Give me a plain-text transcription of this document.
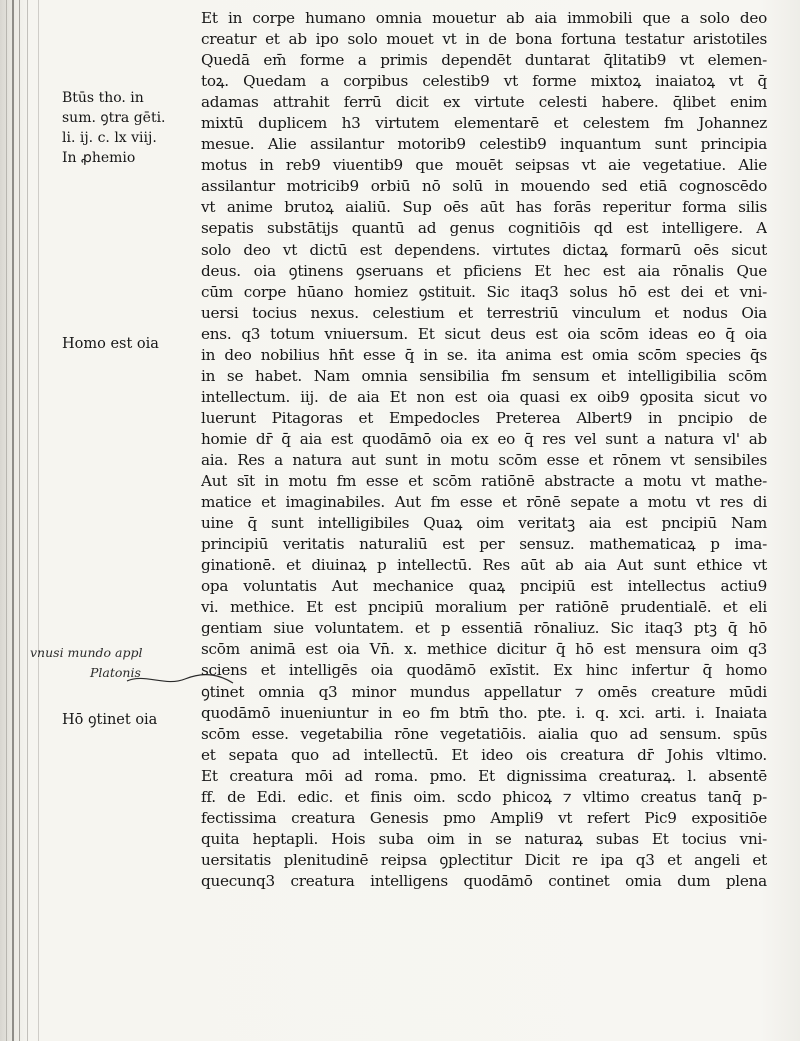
Btūs tho. in
sum. ꝯtra gēti.
li. ij. c. lx viij.
In ꝓhemio
Homo est oia
vnusi mundo appl
Platonis
Hō ꝯtinet oia
Et in corpe humano omnia mouetur ab aia immobili que a solo deo
creatur et ab ipo solo mouet vt in de bona fortuna testatur aristotiles
Quedā em̄ forme a primis dependēt duntarat q̄litatib9 vt elemen-
toꝝ. Quedam a corpibus celestib9 vt forme mixtoꝝ inaiatoꝝ vt q̄
adamas attrahit ferrū dicit ex virtute celesti habere. q̄libet enim
mixtū duplicem h3 virtutem elementarē et celestem fm Johannez
mesue. Alie assilantur motorib9 celestib9 inquantum sunt principia
motus in reb9 viuentib9 que mouēt seipsas vt aie vegetatiue. Alie
assilantur motricib9 orbiū nō solū in mouendo sed etiā cognoscēdo
vt anime brutoꝝ aialiū. Sup oēs aūt has forās reperitur forma silis
sepatis substātijs quantū ad genus cognitiōis qd est intelligere. A
solo deo vt dictū est dependens. virtutes dictaꝝ formarū oēs sicut
deus. oia ꝯtinens ꝯseruans et pficiens Et hec est aia rōnalis Que
cūm corpe hūano homiez ꝯstituit. Sic itaq3 solus hō est dei et vni-
uersi tocius nexus. celestium et terrestriū vinculum et nodus Oia
ens. q3 totum vniuersum. Et sicut deus est oia scōm ideas eo q̄ oia
in deo nobilius hn̄t esse q̄ in se. ita anima est omia scōm species q̄s
in se habet. Nam omnia sensibilia fm sensum et intelligibilia scōm
intellectum. iij. de aia Et non est oia quasi ex oib9 ꝯposita sicut vo
luerunt Pitagoras et Empedocles Preterea Albert9 in pncipio de
homie dr̄ q̄ aia est quodāmō oia ex eo q̄ res vel sunt a natura vl' ab
aia. Res a natura aut sunt in motu scōm esse et rōnem vt sensibiles
Aut sīt in motu fm esse et scōm ratiōnē abstracte a motu vt mathe-
matice et imaginabiles. Aut fm esse et rōnē sepate a motu vt res di
uine q̄ sunt intelligibiles Quaꝝ oim veritatꝫ aia est pncipiū Nam
principiū veritatis naturaliū est per sensuz. mathematicaꝝ p ima-
ginationē. et diuinaꝝ p intellectū. Res aūt ab aia Aut sunt ethice vt
opa voluntatis Aut mechanice quaꝝ pncipiū est intellectus actiu9
vi. methice. Et est pncipiū moralium per ratiōnē prudentialē. et eli
gentiam siue voluntatem. et p essentiā rōnaliuz. Sic itaq3 ptꝫ q̄ hō
scōm animā est oia Vn̄. x. methice dicitur q̄ hō est mensura oim q3
sciens et intelligēs oia quodāmō exīstit. Ex hinc infertur q̄ homo
ꝯtinet omnia q3 minor mundus appellatur ⁊ omēs creature mūdi
quodāmō inueniuntur in eo fm btm̄ tho. pte. i. q. xci. arti. i. Inaiata
scōm esse. vegetabilia rōne vegetatiōis. aialia quo ad sensum. spūs
et sepata quo ad intellectū. Et ideo ois creatura dr̄ Johis vltimo.
Et creatura mōi ad roma. pmo. Et dignissima creaturaꝝ. l. absentē
ff. de Edi. edic. et finis oim. scdo phicoꝝ ⁊ vltimo creatus tanq̄ p-
fectissima creatura Genesis pmo Ampli9 vt refert Pic9 expositiōe
quita heptapli. Hois suba oim in se naturaꝝ subas Et tocius vni-
uersitatis plenitudinē reipsa ꝯplectitur Dicit re ipa q3 et angeli et
quecunq3 creatura intelligens quodāmō continet omia dum plena
